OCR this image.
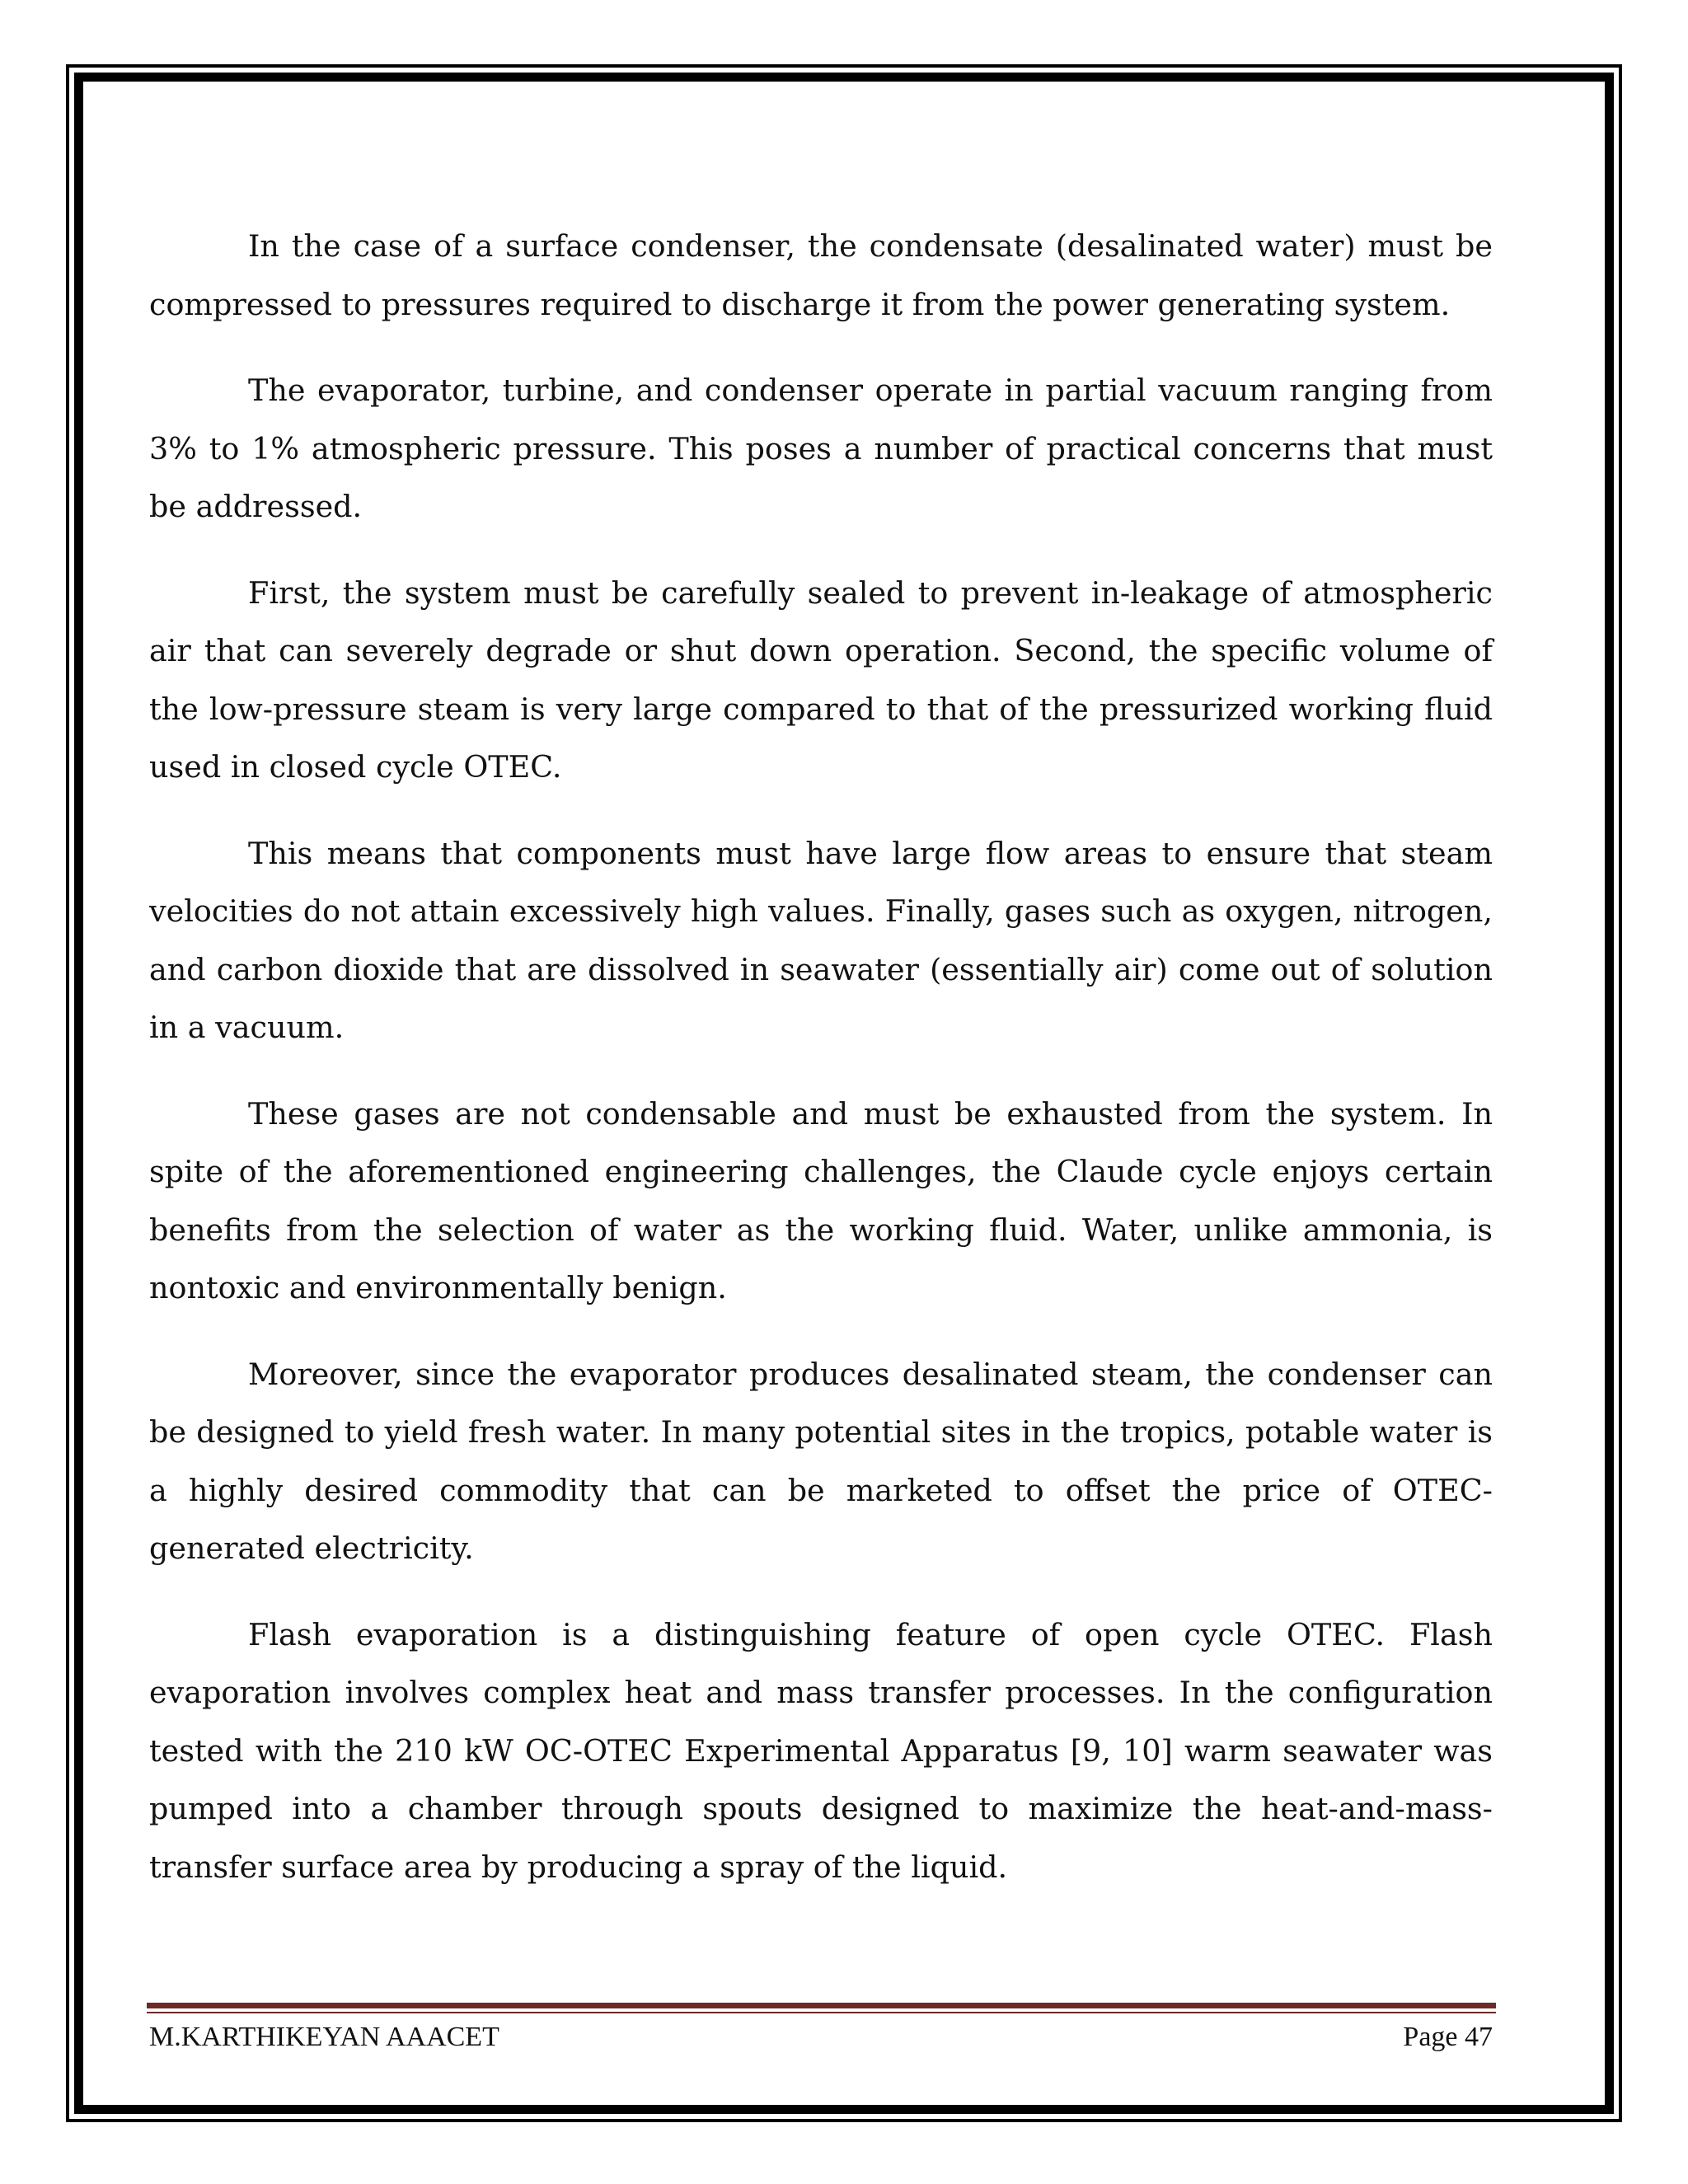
In the case of a surface condenser, the condensate (desalinated water) must be compressed to pressures required to discharge it from the power generating system.

The evaporator, turbine, and condenser operate in partial vacuum ranging from 3% to 1% atmospheric pressure. This poses a number of practical concerns that must be addressed.

First, the system must be carefully sealed to prevent in-leakage of atmospheric air that can severely degrade or shut down operation. Second, the specific volume of the low-pressure steam is very large compared to that of the pressurized working fluid used in closed cycle OTEC.

This means that components must have large flow areas to ensure that steam velocities do not attain excessively high values. Finally, gases such as oxygen, nitrogen, and carbon dioxide that are dissolved in seawater (essentially air) come out of solution in a vacuum.

These gases are not condensable and must be exhausted from the system. In spite of the aforementioned engineering challenges, the Claude cycle enjoys certain benefits from the selection of water as the working fluid. Water, unlike ammonia, is nontoxic and environmentally benign.

Moreover, since the evaporator produces desalinated steam, the condenser can be designed to yield fresh water. In many potential sites in the tropics, potable water is a highly desired commodity that can be marketed to offset the price of OTEC-generated electricity.

Flash evaporation is a distinguishing feature of open cycle OTEC. Flash evaporation involves complex heat and mass transfer processes. In the configuration tested with the 210 kW OC-OTEC Experimental Apparatus [9, 10] warm seawater was pumped into a chamber through spouts designed to maximize the heat-and-mass-transfer surface area by producing a spray of the liquid.

M.KARTHIKEYAN AAACET	Page 47
